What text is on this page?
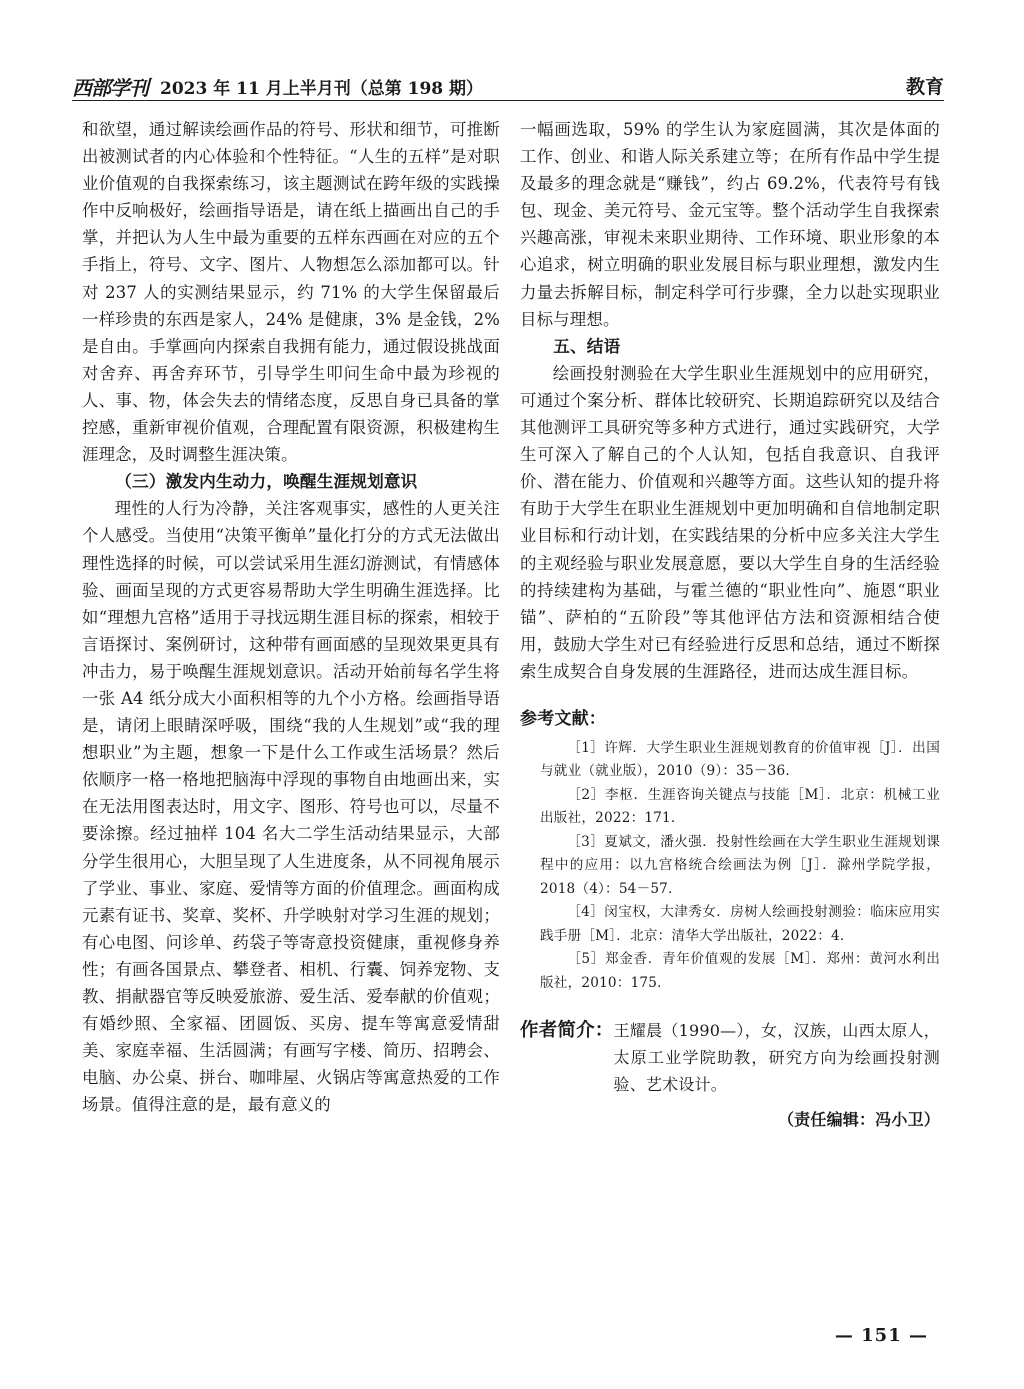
西部学刊 2023 年 11 月上半月刊（总第 198 期）	教育

和欲望，通过解读绘画作品的符号、形状和细节，可推断出被测试者的内心体验和个性特征。“人生的五样”是对职业价值观的自我探索练习，该主题测试在跨年级的实践操作中反响极好，绘画指导语是，请在纸上描画出自己的手掌，并把认为人生中最为重要的五样东西画在对应的五个手指上，符号、文字、图片、人物想怎么添加都可以。针对 237 人的实测结果显示，约 71% 的大学生保留最后一样珍贵的东西是家人，24% 是健康，3% 是金钱，2% 是自由。手掌画向内探索自我拥有能力，通过假设挑战面对舍弃、再舍弃环节，引导学生叩问生命中最为珍视的人、事、物，体会失去的情绪态度，反思自身已具备的掌控感，重新审视价值观，合理配置有限资源，积极建构生涯理念，及时调整生涯决策。

（三）激发内生动力，唤醒生涯规划意识

理性的人行为冷静，关注客观事实，感性的人更关注个人感受。当使用“决策平衡单”量化打分的方式无法做出理性选择的时候，可以尝试采用生涯幻游测试，有情感体验、画面呈现的方式更容易帮助大学生明确生涯选择。比如“理想九宫格”适用于寻找远期生涯目标的探索，相较于言语探讨、案例研讨，这种带有画面感的呈现效果更具有冲击力，易于唤醒生涯规划意识。活动开始前每名学生将一张 A4 纸分成大小面积相等的九个小方格。绘画指导语是，请闭上眼睛深呼吸，围绕“我的人生规划”或“我的理想职业”为主题，想象一下是什么工作或生活场景？然后依顺序一格一格地把脑海中浮现的事物自由地画出来，实在无法用图表达时，用文字、图形、符号也可以，尽量不要涂擦。经过抽样 104 名大二学生活动结果显示，大部分学生很用心，大胆呈现了人生进度条，从不同视角展示了学业、事业、家庭、爱情等方面的价值理念。画面构成元素有证书、奖章、奖杯、升学映射对学习生涯的规划；有心电图、问诊单、药袋子等寄意投资健康，重视修身养性；有画各国景点、攀登者、相机、行囊、饲养宠物、支教、捐献器官等反映爱旅游、爱生活、爱奉献的价值观；有婚纱照、全家福、团圆饭、买房、提车等寓意爱情甜美、家庭幸福、生活圆满；有画写字楼、简历、招聘会、电脑、办公桌、拼台、咖啡屋、火锅店等寓意热爱的工作场景。值得注意的是，最有意义的

一幅画选取，59% 的学生认为家庭圆满，其次是体面的工作、创业、和谐人际关系建立等；在所有作品中学生提及最多的理念就是“赚钱”，约占 69.2%，代表符号有钱包、现金、美元符号、金元宝等。整个活动学生自我探索兴趣高涨，审视未来职业期待、工作环境、职业形象的本心追求，树立明确的职业发展目标与职业理想，激发内生力量去拆解目标，制定科学可行步骤，全力以赴实现职业目标与理想。

五、结语

绘画投射测验在大学生职业生涯规划中的应用研究，可通过个案分析、群体比较研究、长期追踪研究以及结合其他测评工具研究等多种方式进行，通过实践研究，大学生可深入了解自己的个人认知，包括自我意识、自我评价、潜在能力、价值观和兴趣等方面。这些认知的提升将有助于大学生在职业生涯规划中更加明确和自信地制定职业目标和行动计划，在实践结果的分析中应多关注大学生的主观经验与职业发展意愿，要以大学生自身的生活经验的持续建构为基础，与霍兰德的“职业性向”、施恩“职业锚”、萨柏的“五阶段”等其他评估方法和资源相结合使用，鼓励大学生对已有经验进行反思和总结，通过不断探索生成契合自身发展的生涯路径，进而达成生涯目标。

参考文献：

［1］许辉．大学生职业生涯规划教育的价值审视［J］．出国与就业（就业版），2010（9）：35－36．

［2］李枢．生涯咨询关键点与技能［M］．北京：机械工业出版社，2022：171．

［3］夏斌文，潘火强．投射性绘画在大学生职业生涯规划课程中的应用：以九宫格统合绘画法为例［J］．滁州学院学报，2018（4）：54－57．

［4］闵宝权，大津秀女．房树人绘画投射测验：临床应用实践手册［M］．北京：清华大学出版社，2022：4．

［5］郑金香．青年价值观的发展［M］．郑州：黄河水利出版社，2010：175．

作者简介： 王耀晨（1990—），女，汉族，山西太原人，太原工业学院助教，研究方向为绘画投射测验、艺术设计。
（责任编辑：冯小卫）
— 151 —
